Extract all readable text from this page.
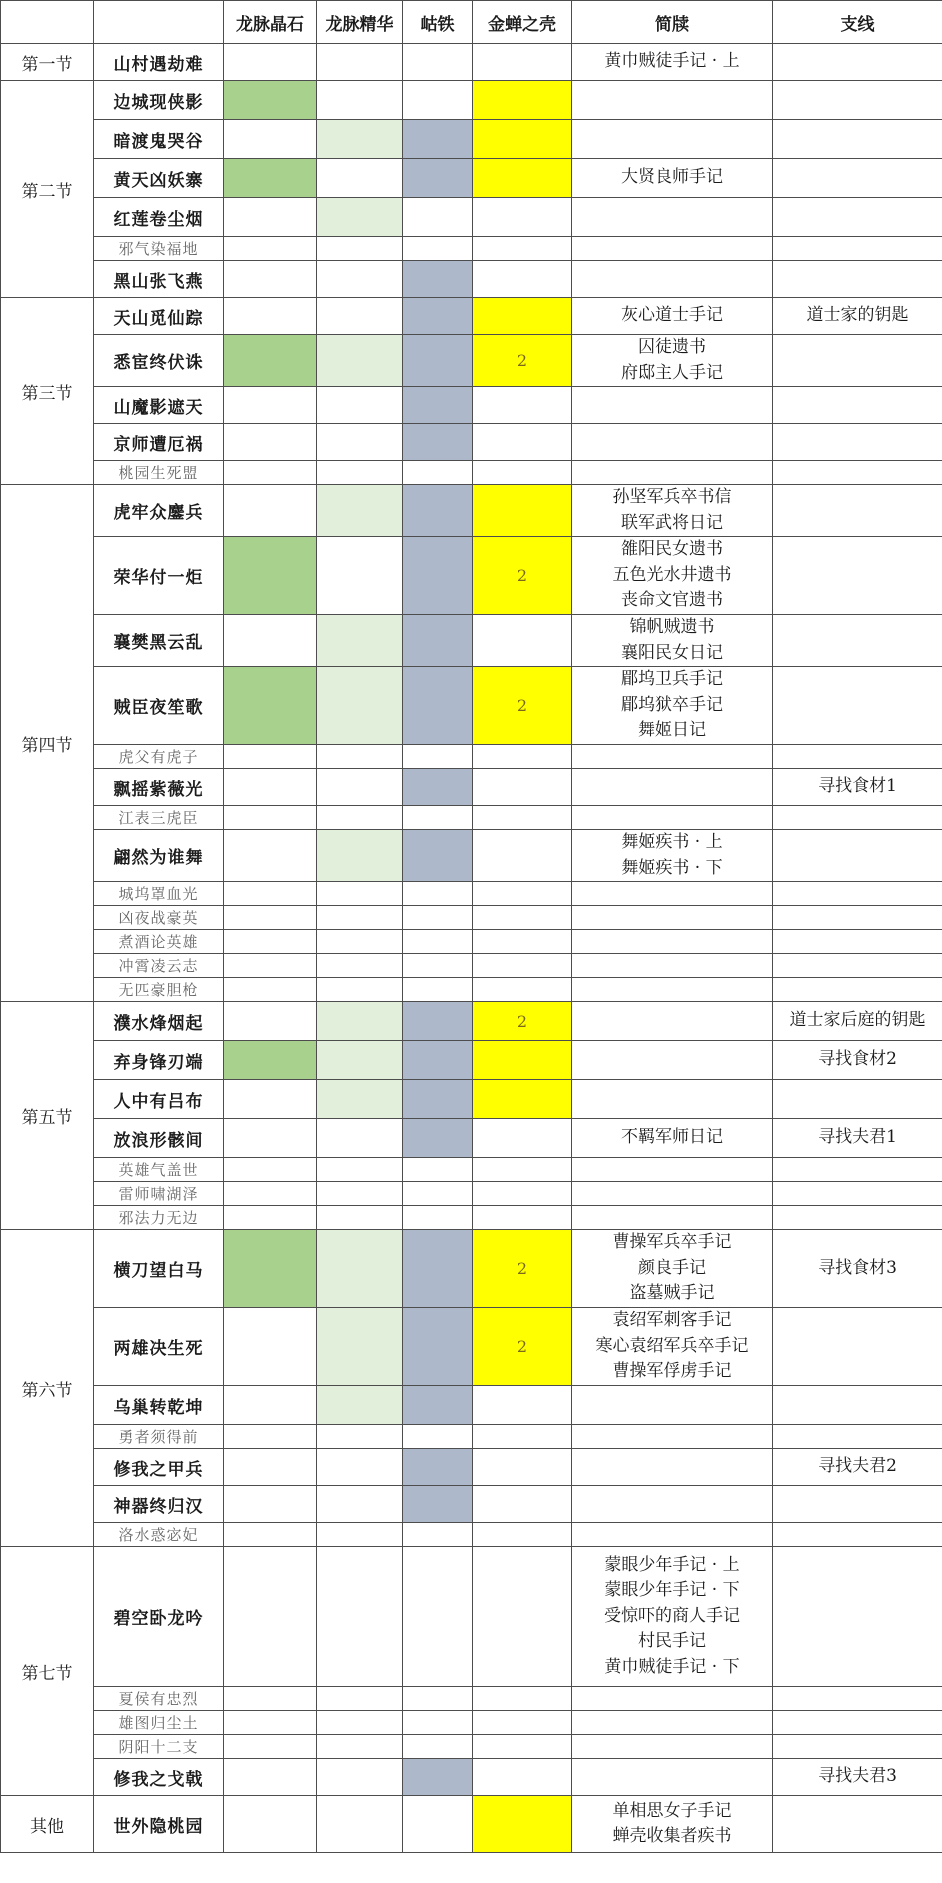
		龙脉晶石	龙脉精华	岵铁	金蝉之壳	简牍	支线
第一节	山村遇劫难					黄巾贼徒手记 · 上	

第二节	边城现侠影						
	暗渡鬼哭谷						
	黄天凶妖寨					大贤良师手记	

	红莲卷尘烟						
	邪气染福地						
	黑山张飞燕						
第三节	天山觅仙踪					灰心道士手记	道士家的钥匙
	悉宦终伏诛				2	囚徒遗书
府邸主人手记	

	山魔影遮天						
	京师遭厄祸						
	桃园生死盟						
第四节	虎牢众鏖兵					孙坚军兵卒书信
联军武将日记	

	荣华付一炬				2	雒阳民女遗书
五色光水井遗书
丧命文官遗书	

	襄樊黑云乱					锦帆贼遗书
襄阳民女日记	

	贼臣夜笙歌				2	郿坞卫兵手记
郿坞狱卒手记
舞姬日记	

	虎父有虎子						
	飘摇紫薇光						寻找食材1
	江表三虎臣						
	翩然为谁舞					舞姬疾书 · 上
舞姬疾书 · 下	

	城坞罩血光						
	凶夜战豪英						
	煮酒论英雄						
	冲霄凌云志						
	无匹豪胆枪						
第五节	濮水烽烟起				2		道士家后庭的钥匙
	弃身锋刃端						寻找食材2
	人中有吕布						
	放浪形骸间					不羁军师日记	寻找夫君1
	英雄气盖世						
	雷师啸湖泽						
	邪法力无边						
第六节	横刀望白马				2	曹操军兵卒手记
颜良手记
盗墓贼手记	寻找食材3
	两雄决生死				2	袁绍军刺客手记
寒心袁绍军兵卒手记
曹操军俘虏手记	

	乌巢转乾坤						
	勇者须得前						
	修我之甲兵						寻找夫君2
	神器终归汉						
	洛水惑宓妃						
第七节	碧空卧龙吟					蒙眼少年手记 · 上
蒙眼少年手记 · 下
受惊吓的商人手记
村民手记
黄巾贼徒手记 · 下	

	夏侯有忠烈						
	雄图归尘土						
	阴阳十二支						
	修我之戈戟						寻找夫君3
其他	世外隐桃园					单相思女子手记
蝉壳收集者疾书	
